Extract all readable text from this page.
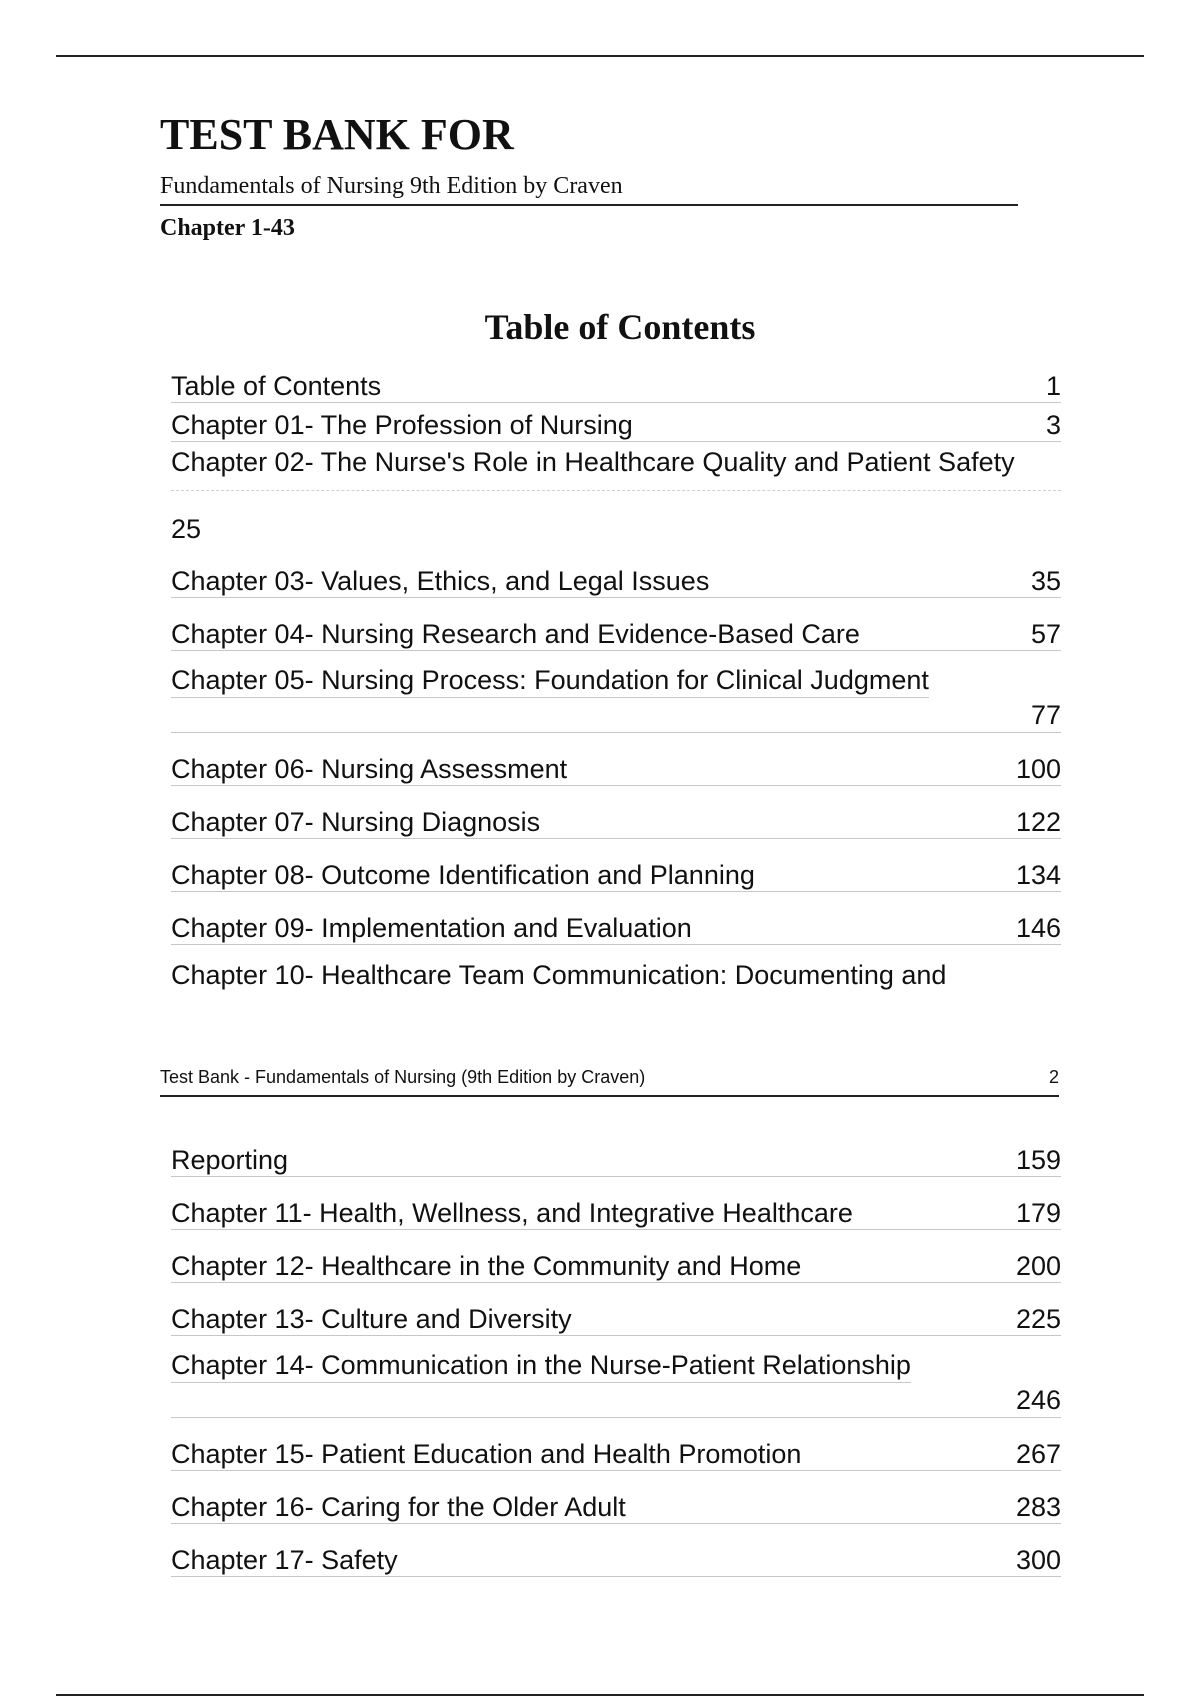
TEST BANK FOR
Fundamentals of Nursing 9th Edition by Craven
Chapter 1-43
Table of Contents
Table of Contents	1
Chapter 01- The Profession of Nursing	3
Chapter 02- The Nurse's Role in Healthcare Quality and Patient Safety
25
Chapter 03- Values, Ethics, and Legal Issues	35
Chapter 04- Nursing Research and Evidence-Based Care	57
Chapter 05- Nursing Process: Foundation for Clinical Judgment
77
Chapter 06- Nursing Assessment	100
Chapter 07- Nursing Diagnosis	122
Chapter 08- Outcome Identification and Planning	134
Chapter 09- Implementation and Evaluation	146
Chapter 10- Healthcare Team Communication: Documenting and
Test Bank - Fundamentals of Nursing (9th Edition by Craven)	2
Reporting	159
Chapter 11- Health, Wellness, and Integrative Healthcare	179
Chapter 12- Healthcare in the Community and Home	200
Chapter 13- Culture and Diversity	225
Chapter 14- Communication in the Nurse-Patient Relationship
246
Chapter 15- Patient Education and Health Promotion	267
Chapter 16- Caring for the Older Adult	283
Chapter 17- Safety	300
